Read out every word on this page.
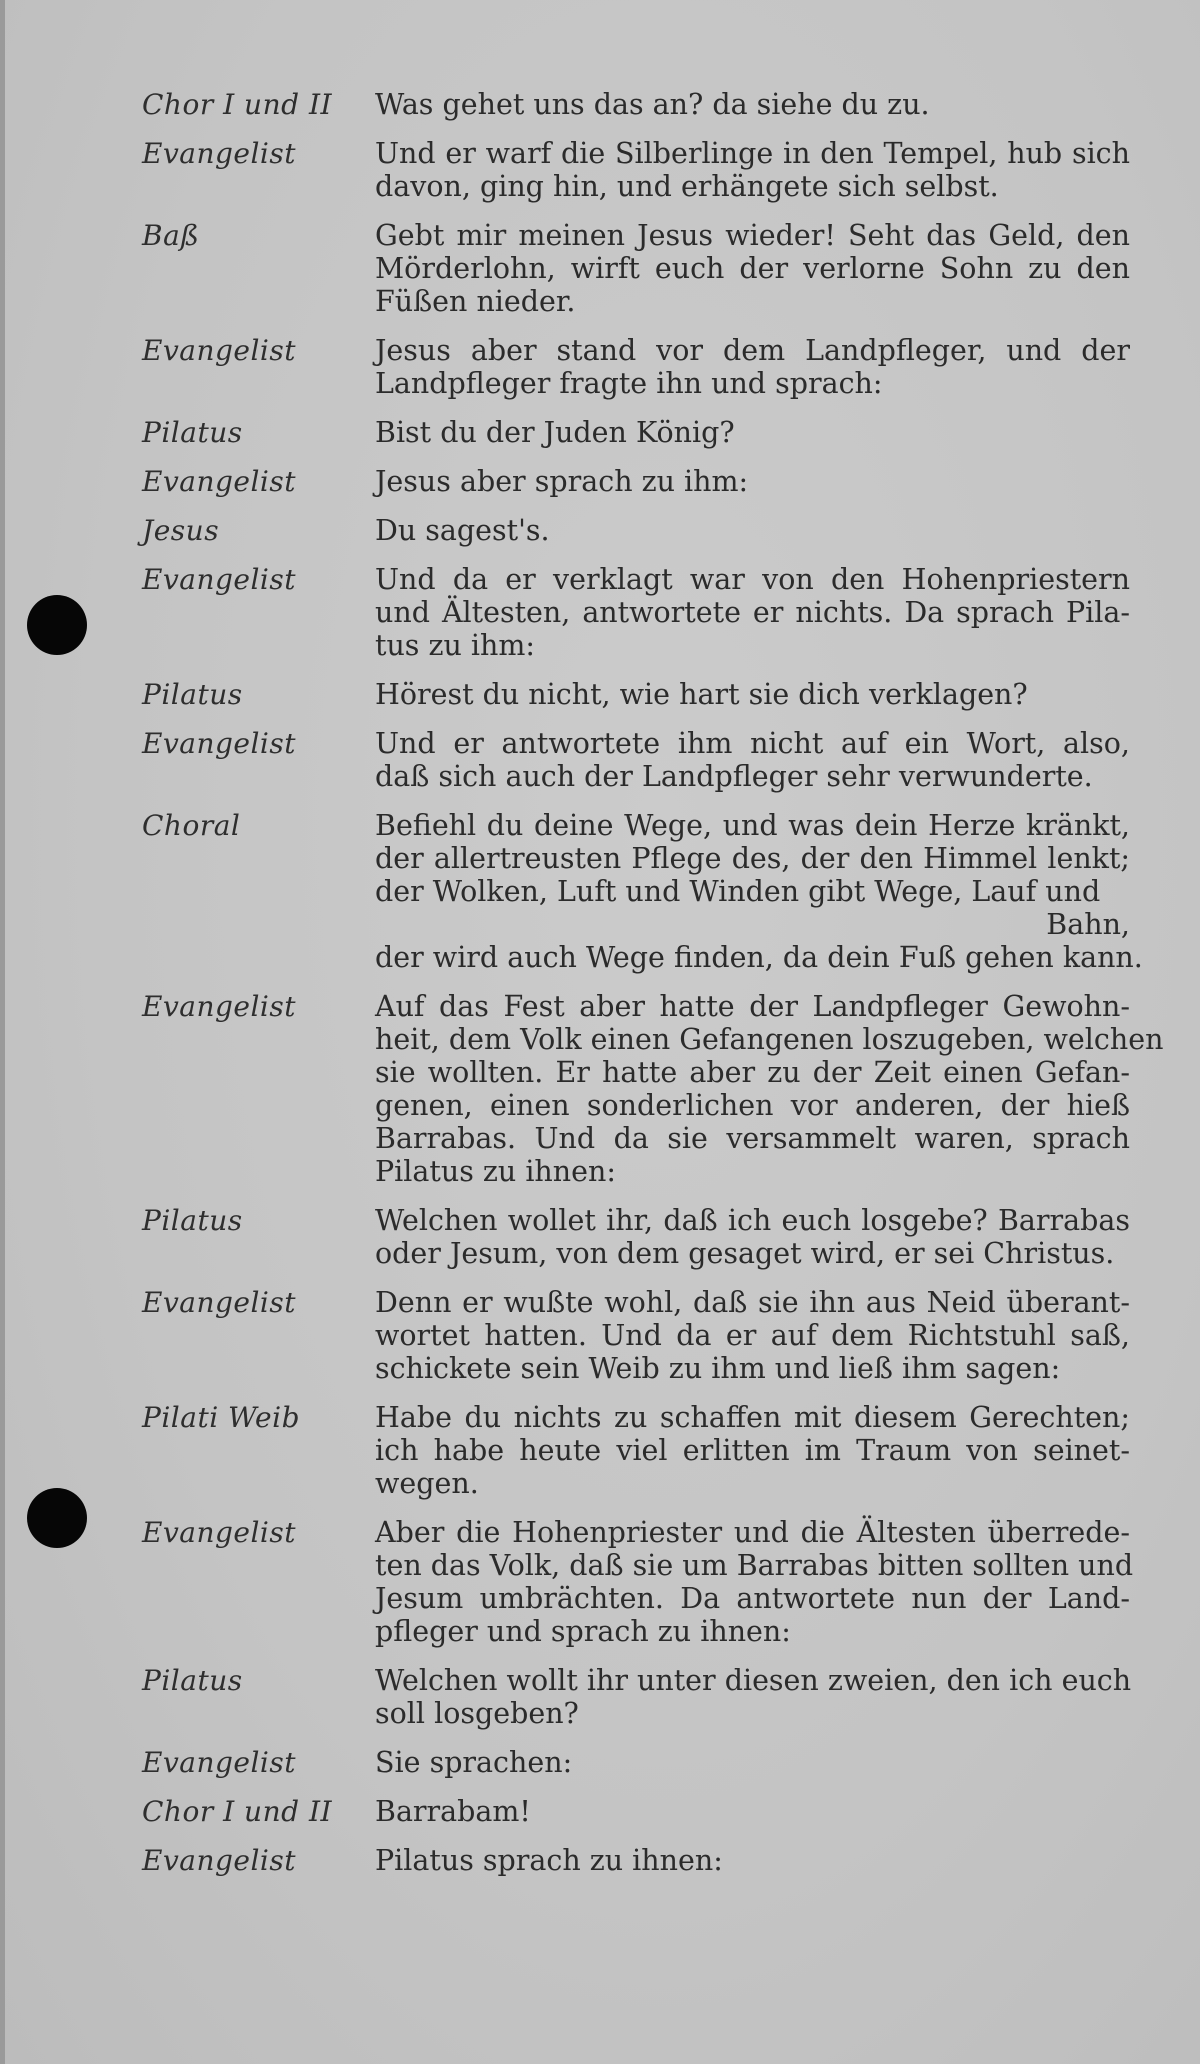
Chor I und II	Was gehet uns das an? da siehe du zu.
Evangelist	Und er warf die Silberlinge in den Tempel, hub sich
davon, ging hin, und erhängete sich selbst.
Baß	Gebt mir meinen Jesus wieder! Seht das Geld, den
Mörderlohn, wirft euch der verlorne Sohn zu den
Füßen nieder.
Evangelist	Jesus aber stand vor dem Landpfleger, und der
Landpfleger fragte ihn und sprach:
Pilatus	Bist du der Juden König?
Evangelist	Jesus aber sprach zu ihm:
Jesus	Du sagest's.
Evangelist	Und da er verklagt war von den Hohenpriestern
und Ältesten, antwortete er nichts. Da sprach Pila-
tus zu ihm:
Pilatus	Hörest du nicht, wie hart sie dich verklagen?
Evangelist	Und er antwortete ihm nicht auf ein Wort, also,
daß sich auch der Landpfleger sehr verwunderte.
Choral	Befiehl du deine Wege, und was dein Herze kränkt,
der allertreusten Pflege des, der den Himmel lenkt;
der Wolken, Luft und Winden gibt Wege, Lauf und
Bahn,
der wird auch Wege finden, da dein Fuß gehen kann.
Evangelist	Auf das Fest aber hatte der Landpfleger Gewohn-
heit, dem Volk einen Gefangenen loszugeben, welchen
sie wollten. Er hatte aber zu der Zeit einen Gefan-
genen, einen sonderlichen vor anderen, der hieß
Barrabas. Und da sie versammelt waren, sprach
Pilatus zu ihnen:
Pilatus	Welchen wollet ihr, daß ich euch losgebe? Barrabas
oder Jesum, von dem gesaget wird, er sei Christus.
Evangelist	Denn er wußte wohl, daß sie ihn aus Neid überant-
wortet hatten. Und da er auf dem Richtstuhl saß,
schickete sein Weib zu ihm und ließ ihm sagen:
Pilati Weib	Habe du nichts zu schaffen mit diesem Gerechten;
ich habe heute viel erlitten im Traum von seinet-
wegen.
Evangelist	Aber die Hohenpriester und die Ältesten überrede-
ten das Volk, daß sie um Barrabas bitten sollten und
Jesum umbrächten. Da antwortete nun der Land-
pfleger und sprach zu ihnen:
Pilatus	Welchen wollt ihr unter diesen zweien, den ich euch
soll losgeben?
Evangelist	Sie sprachen:
Chor I und II	Barrabam!
Evangelist	Pilatus sprach zu ihnen:
